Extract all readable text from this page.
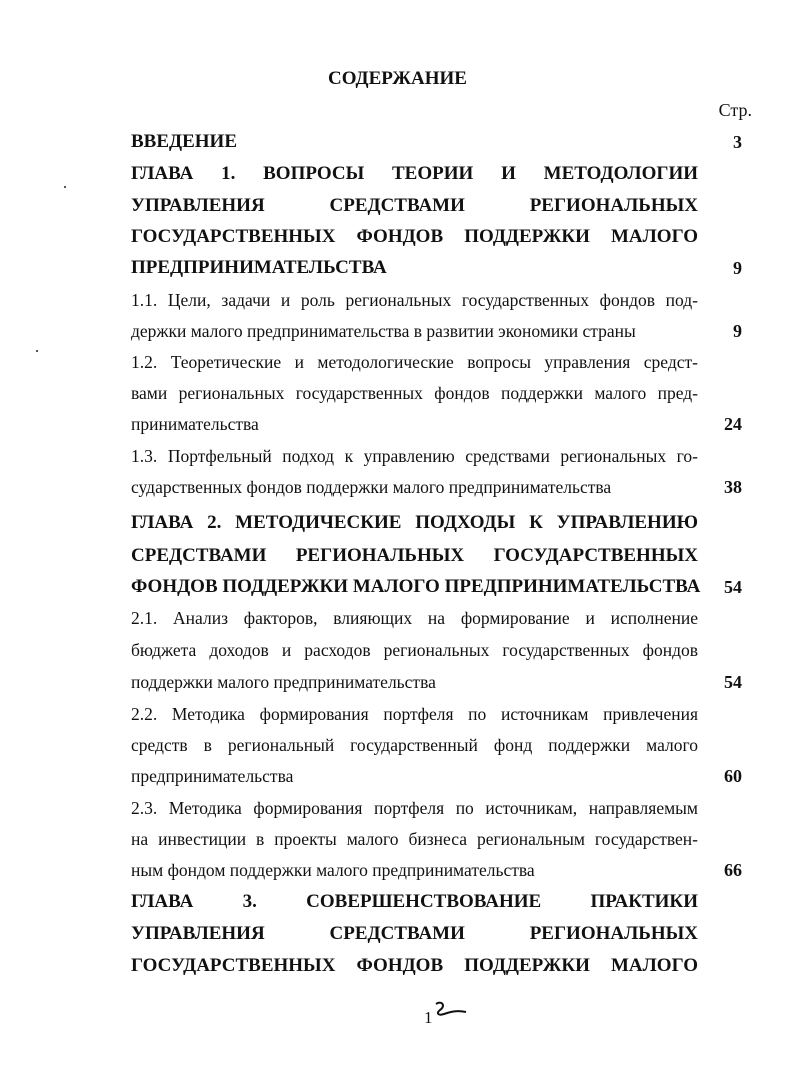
СОДЕРЖАНИЕ
Стр.
ВВЕДЕНИЕ	3
ГЛАВА 1. ВОПРОСЫ ТЕОРИИ И МЕТОДОЛОГИИ
УПРАВЛЕНИЯ СРЕДСТВАМИ РЕГИОНАЛЬНЫХ
ГОСУДАРСТВЕННЫХ ФОНДОВ ПОДДЕРЖКИ МАЛОГО
ПРЕДПРИНИМАТЕЛЬСТВА	9
1.1. Цели, задачи и роль региональных государственных фондов под-
держки малого предпринимательства в развитии экономики страны	9
1.2. Теоретические и методологические вопросы управления средст-
вами региональных государственных фондов поддержки малого пред-
принимательства	24
1.3. Портфельный подход к управлению средствами региональных го-
сударственных фондов поддержки малого предпринимательства	38
ГЛАВА 2. МЕТОДИЧЕСКИЕ ПОДХОДЫ К УПРАВЛЕНИЮ
СРЕДСТВАМИ РЕГИОНАЛЬНЫХ ГОСУДАРСТВЕННЫХ
ФОНДОВ ПОДДЕРЖКИ МАЛОГО ПРЕДПРИНИМАТЕЛЬСТВА	54
2.1. Анализ факторов, влияющих на формирование и исполнение
бюджета доходов и расходов региональных государственных фондов
поддержки малого предпринимательства	54
2.2. Методика формирования портфеля по источникам привлечения
средств в региональный государственный фонд поддержки малого
предпринимательства	60
2.3. Методика формирования портфеля по источникам, направляемым
на инвестиции в проекты малого бизнеса региональным государствен-
ным фондом поддержки малого предпринимательства	66
ГЛАВА 3. СОВЕРШЕНСТВОВАНИЕ ПРАКТИКИ
УПРАВЛЕНИЯ СРЕДСТВАМИ РЕГИОНАЛЬНЫХ
ГОСУДАРСТВЕННЫХ ФОНДОВ ПОДДЕРЖКИ МАЛОГО
1
